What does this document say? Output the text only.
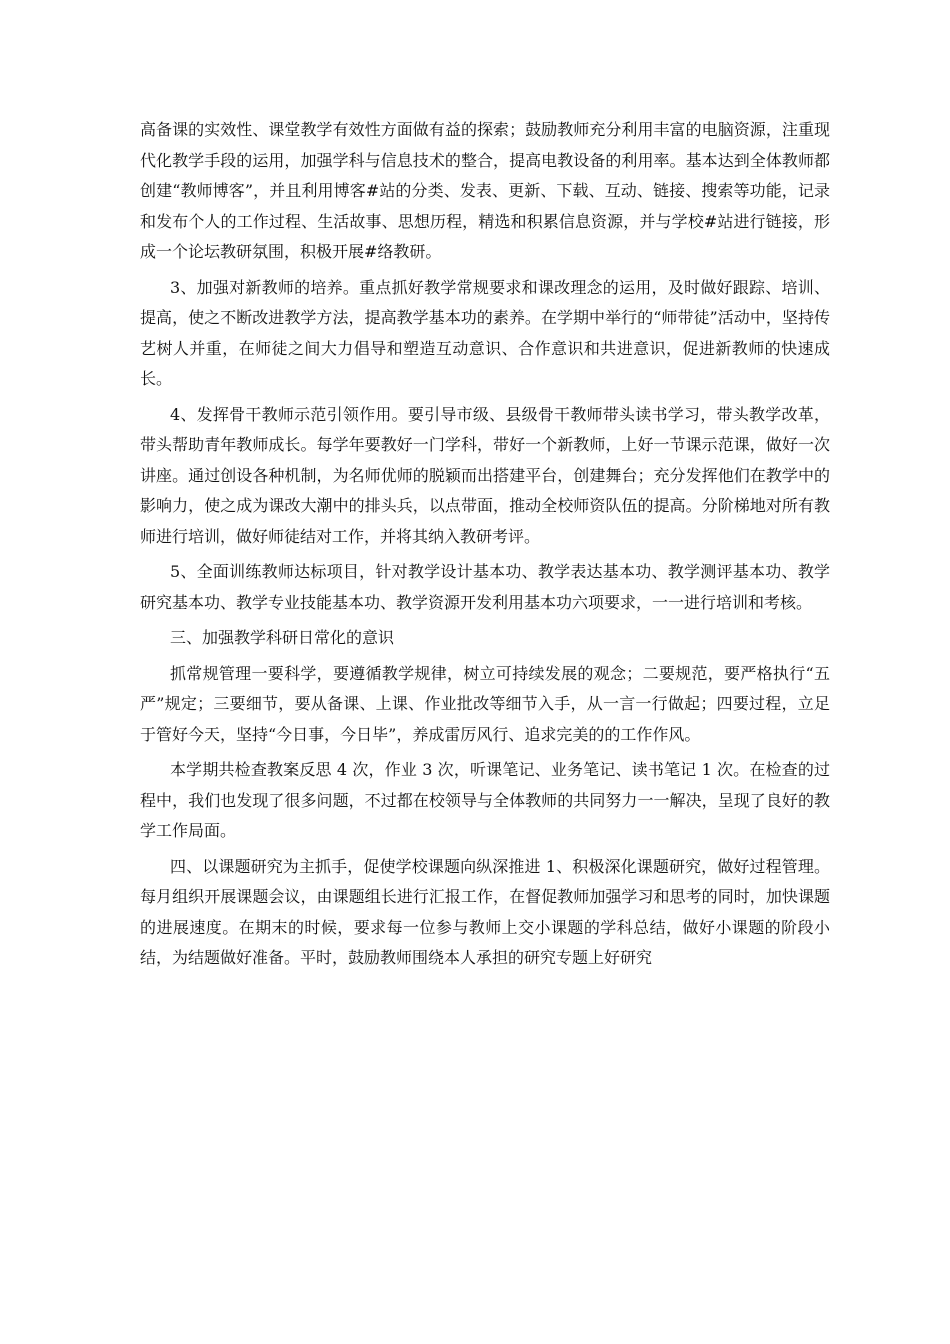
高备课的实效性、课堂教学有效性方面做有益的探索；鼓励教师充分利用丰富的电脑资源，注重现代化教学手段的运用，加强学科与信息技术的整合，提高电教设备的利用率。基本达到全体教师都创建“教师博客”，并且利用博客#站的分类、发表、更新、下载、互动、链接、搜索等功能，记录和发布个人的工作过程、生活故事、思想历程，精选和积累信息资源，并与学校#站进行链接，形成一个论坛教研氛围，积极开展#络教研。

3、加强对新教师的培养。重点抓好教学常规要求和课改理念的运用，及时做好跟踪、培训、提高，使之不断改进教学方法，提高教学基本功的素养。在学期中举行的“师带徒”活动中，坚持传艺树人并重，在师徒之间大力倡导和塑造互动意识、合作意识和共进意识，促进新教师的快速成长。

4、发挥骨干教师示范引领作用。要引导市级、县级骨干教师带头读书学习，带头教学改革，带头帮助青年教师成长。每学年要教好一门学科，带好一个新教师，上好一节课示范课，做好一次讲座。通过创设各种机制，为名师优师的脱颖而出搭建平台，创建舞台；充分发挥他们在教学中的影响力，使之成为课改大潮中的排头兵，以点带面，推动全校师资队伍的提高。分阶梯地对所有教师进行培训，做好师徒结对工作，并将其纳入教研考评。

5、全面训练教师达标项目，针对教学设计基本功、教学表达基本功、教学测评基本功、教学研究基本功、教学专业技能基本功、教学资源开发利用基本功六项要求，一一进行培训和考核。

三、加强教学科研日常化的意识

抓常规管理一要科学，要遵循教学规律，树立可持续发展的观念；二要规范，要严格执行“五严”规定；三要细节，要从备课、上课、作业批改等细节入手，从一言一行做起；四要过程，立足于管好今天，坚持“今日事，今日毕”，养成雷厉风行、追求完美的的工作作风。

本学期共检查教案反思 4 次，作业 3 次，听课笔记、业务笔记、读书笔记 1 次。在检查的过程中，我们也发现了很多问题，不过都在校领导与全体教师的共同努力一一解决，呈现了良好的教学工作局面。

四、以课题研究为主抓手，促使学校课题向纵深推进 1、积极深化课题研究，做好过程管理。每月组织开展课题会议，由课题组长进行汇报工作，在督促教师加强学习和思考的同时，加快课题的进展速度。在期末的时候，要求每一位参与教师上交小课题的学科总结，做好小课题的阶段小结，为结题做好准备。平时，鼓励教师围绕本人承担的研究专题上好研究
